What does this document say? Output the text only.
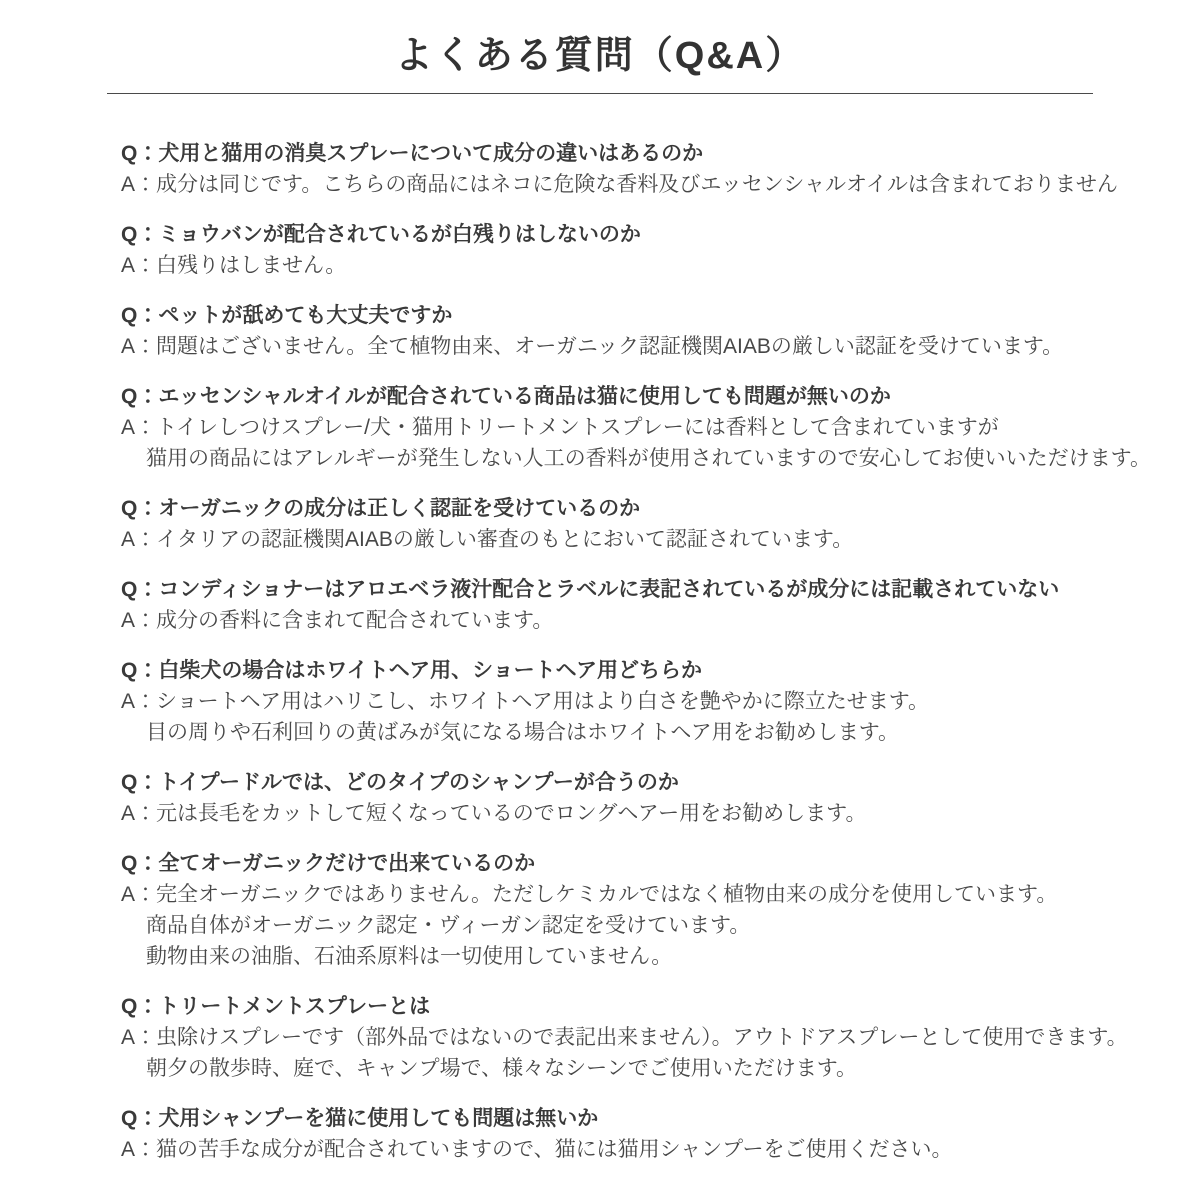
よくある質問（Q&A）
Q：犬用と猫用の消臭スプレーについて成分の違いはあるのか
A：成分は同じです。こちらの商品にはネコに危険な香料及びエッセンシャルオイルは含まれておりません
Q：ミョウバンが配合されているが白残りはしないのか
A：白残りはしません。
Q：ペットが舐めても大丈夫ですか
A：問題はございません。全て植物由来、オーガニック認証機関AIABの厳しい認証を受けています。
Q：エッセンシャルオイルが配合されている商品は猫に使用しても問題が無いのか
A：トイレしつけスプレー/犬・猫用トリートメントスプレーには香料として含まれていますが
猫用の商品にはアレルギーが発生しない人工の香料が使用されていますので安心してお使いいただけます。
Q：オーガニックの成分は正しく認証を受けているのか
A：イタリアの認証機関AIABの厳しい審査のもとにおいて認証されています。
Q：コンディショナーはアロエベラ液汁配合とラベルに表記されているが成分には記載されていない
A：成分の香料に含まれて配合されています。
Q：白柴犬の場合はホワイトヘア用、ショートヘア用どちらか
A：ショートヘア用はハリこし、ホワイトヘア用はより白さを艶やかに際立たせます。
目の周りや石利回りの黄ばみが気になる場合はホワイトヘア用をお勧めします。
Q：トイプードルでは、どのタイプのシャンプーが合うのか
A：元は長毛をカットして短くなっているのでロングヘアー用をお勧めします。
Q：全てオーガニックだけで出来ているのか
A：完全オーガニックではありません。ただしケミカルではなく植物由来の成分を使用しています。
商品自体がオーガニック認定・ヴィーガン認定を受けています。
動物由来の油脂、石油系原料は一切使用していません。
Q：トリートメントスプレーとは
A：虫除けスプレーです（部外品ではないので表記出来ません）。アウトドアスプレーとして使用できます。
朝夕の散歩時、庭で、キャンプ場で、様々なシーンでご使用いただけます。
Q：犬用シャンプーを猫に使用しても問題は無いか
A：猫の苦手な成分が配合されていますので、猫には猫用シャンプーをご使用ください。
